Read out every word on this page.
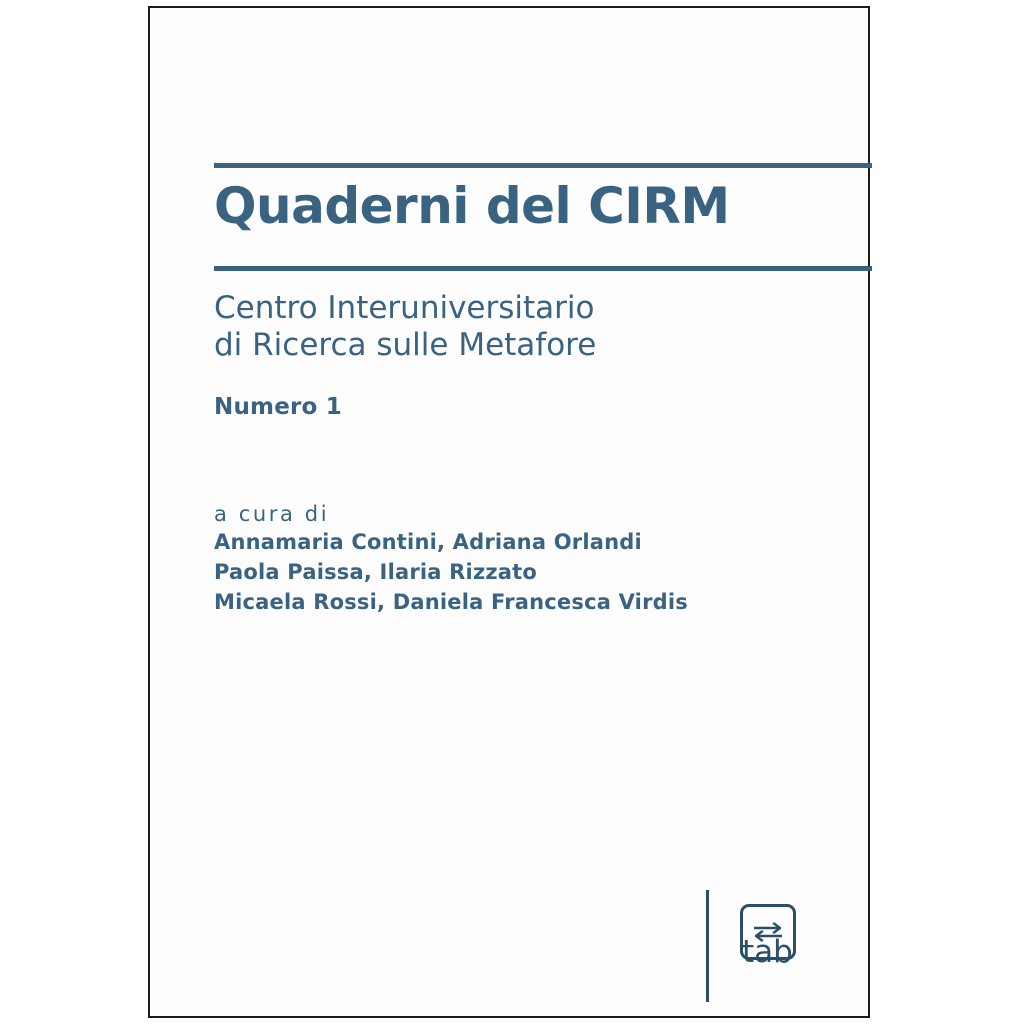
Quaderni del CIRM
Centro Interuniversitario
di Ricerca sulle Metafore
Numero 1
a cura di
Annamaria Contini, Adriana Orlandi
Paola Paissa, Ilaria Rizzato
Micaela Rossi, Daniela Francesca Virdis
tab
